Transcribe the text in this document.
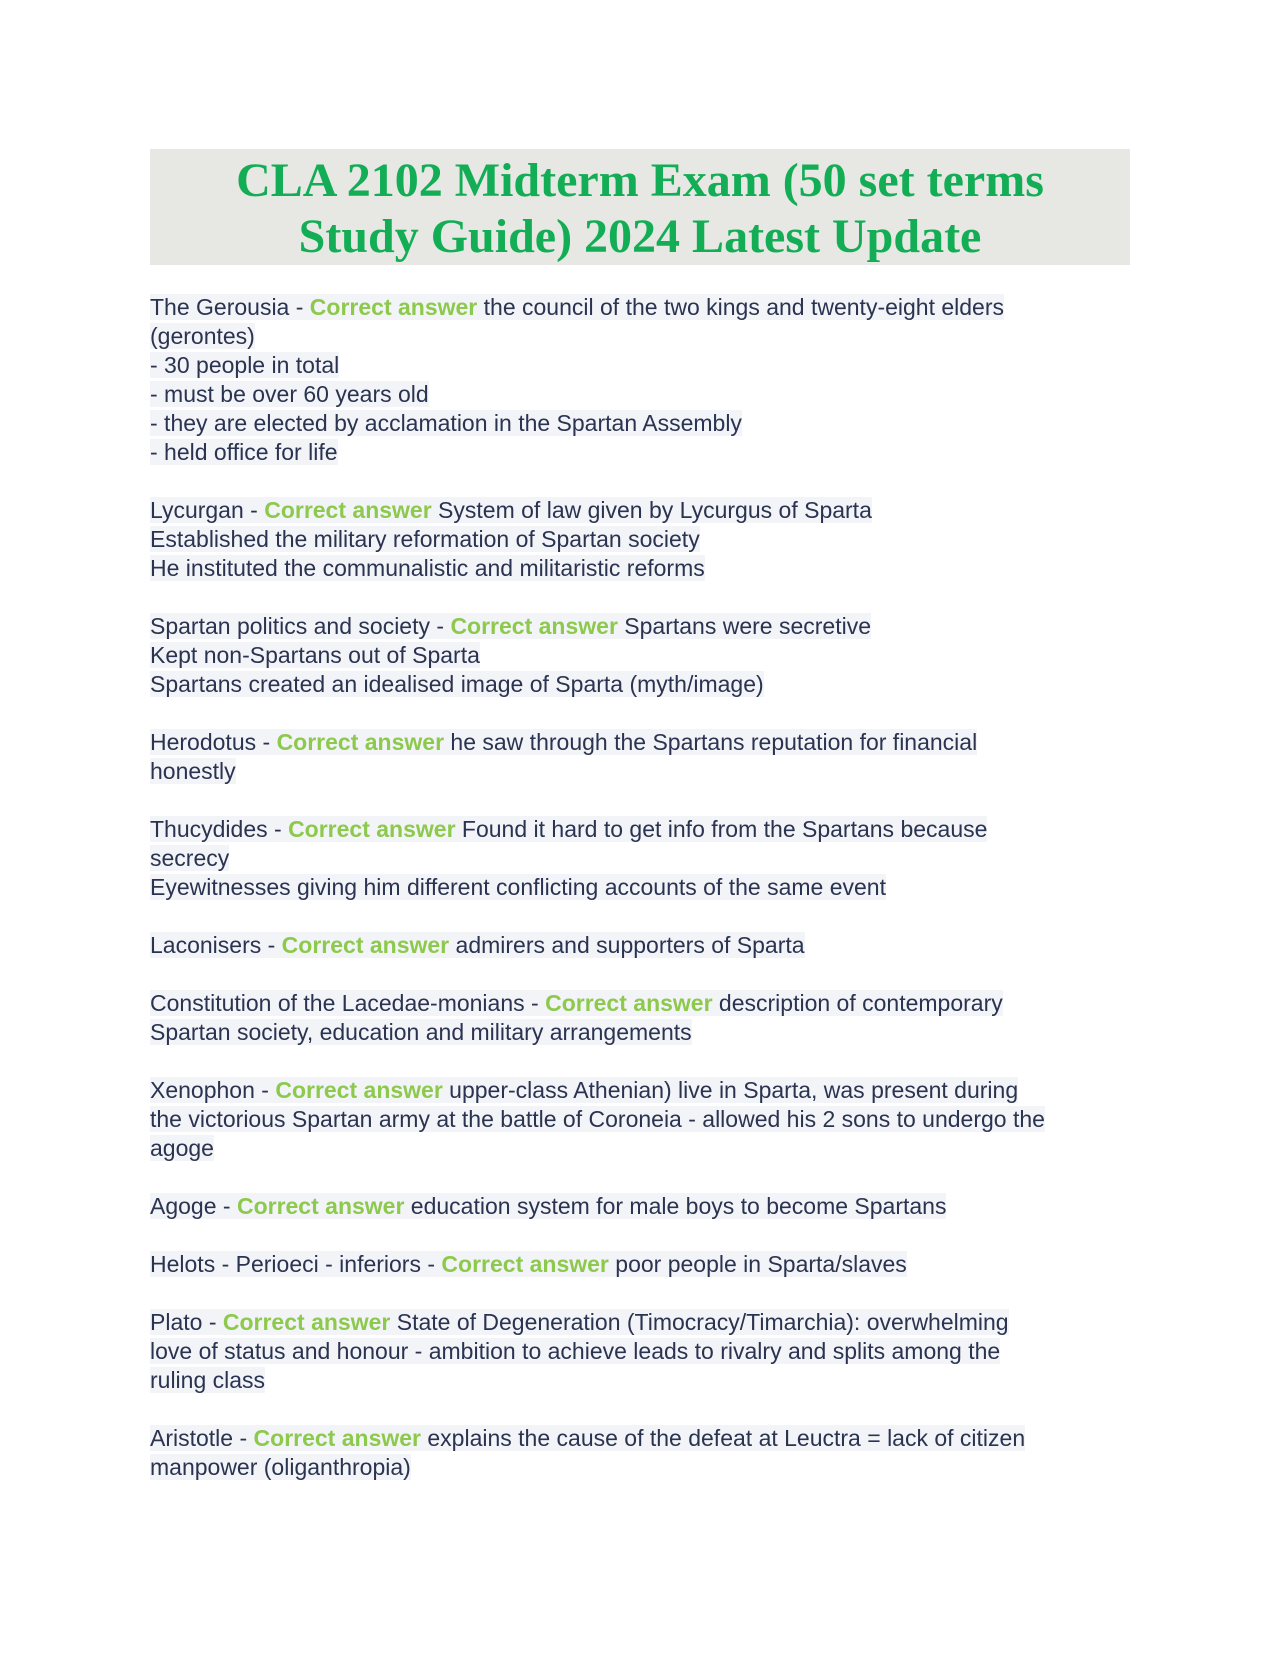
CLA 2102 Midterm Exam (50 set terms
Study Guide) 2024 Latest Update
The Gerousia - Correct answer the council of the two kings and twenty-eight elders
(gerontes)
- 30 people in total
- must be over 60 years old
- they are elected by acclamation in the Spartan Assembly
- held office for life
Lycurgan - Correct answer System of law given by Lycurgus of Sparta
Established the military reformation of Spartan society
He instituted the communalistic and militaristic reforms
Spartan politics and society - Correct answer Spartans were secretive
Kept non-Spartans out of Sparta
Spartans created an idealised image of Sparta (myth/image)
Herodotus - Correct answer he saw through the Spartans reputation for financial
honestly
Thucydides - Correct answer Found it hard to get info from the Spartans because
secrecy
Eyewitnesses giving him different conflicting accounts of the same event
Laconisers - Correct answer admirers and supporters of Sparta
Constitution of the Lacedae-monians - Correct answer description of contemporary
Spartan society, education and military arrangements
Xenophon - Correct answer upper-class Athenian) live in Sparta, was present during
the victorious Spartan army at the battle of Coroneia - allowed his 2 sons to undergo the
agoge
Agoge - Correct answer education system for male boys to become Spartans
Helots - Perioeci - inferiors - Correct answer poor people in Sparta/slaves
Plato - Correct answer State of Degeneration (Timocracy/Timarchia): overwhelming
love of status and honour - ambition to achieve leads to rivalry and splits among the
ruling class
Aristotle - Correct answer explains the cause of the defeat at Leuctra = lack of citizen
manpower (oliganthropia)
